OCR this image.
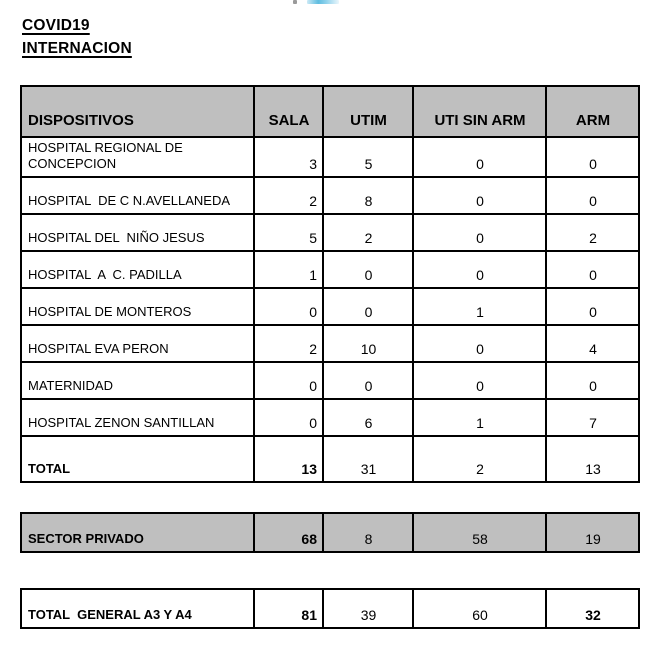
COVID19
INTERNACION
DISPOSITIVOS	SALA	UTIM	UTI SIN ARM	ARM
HOSPITAL REGIONAL DE CONCEPCION	3	5	0	0
HOSPITAL  DE C N.AVELLANEDA	2	8	0	0
HOSPITAL DEL  NIÑO JESUS	5	2	0	2
HOSPITAL  A  C. PADILLA	1	0	0	0
HOSPITAL DE MONTEROS	0	0	1	0
HOSPITAL EVA PERON	2	10	0	4
MATERNIDAD	0	0	0	0
HOSPITAL ZENON SANTILLAN	0	6	1	7
TOTAL	13	31	2	13
SECTOR PRIVADO	68	8	58	19
TOTAL  GENERAL A3 Y A4	81	39	60	32
